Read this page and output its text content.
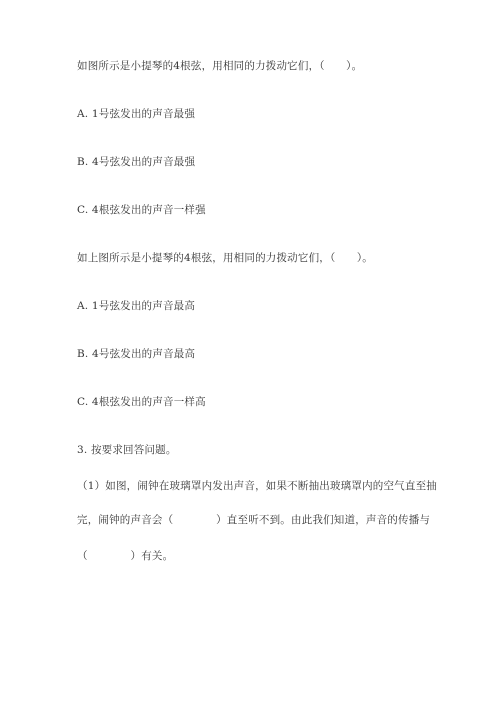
如图所示是小提琴的4根弦，用相同的力拨动它们，（　　）。
A. 1号弦发出的声音最强
B. 4号弦发出的声音最强
C. 4根弦发出的声音一样强
如上图所示是小提琴的4根弦，用相同的力拨动它们，（　　）。
A. 1号弦发出的声音最高
B. 4号弦发出的声音最高
C. 4根弦发出的声音一样高
3. 按要求回答问题。
（1）如图，闹钟在玻璃罩内发出声音，如果不断抽出玻璃罩内的空气直至抽
完，闹钟的声音会（　　　　）直至听不到。由此我们知道，声音的传播与
（　　　　）有关。
